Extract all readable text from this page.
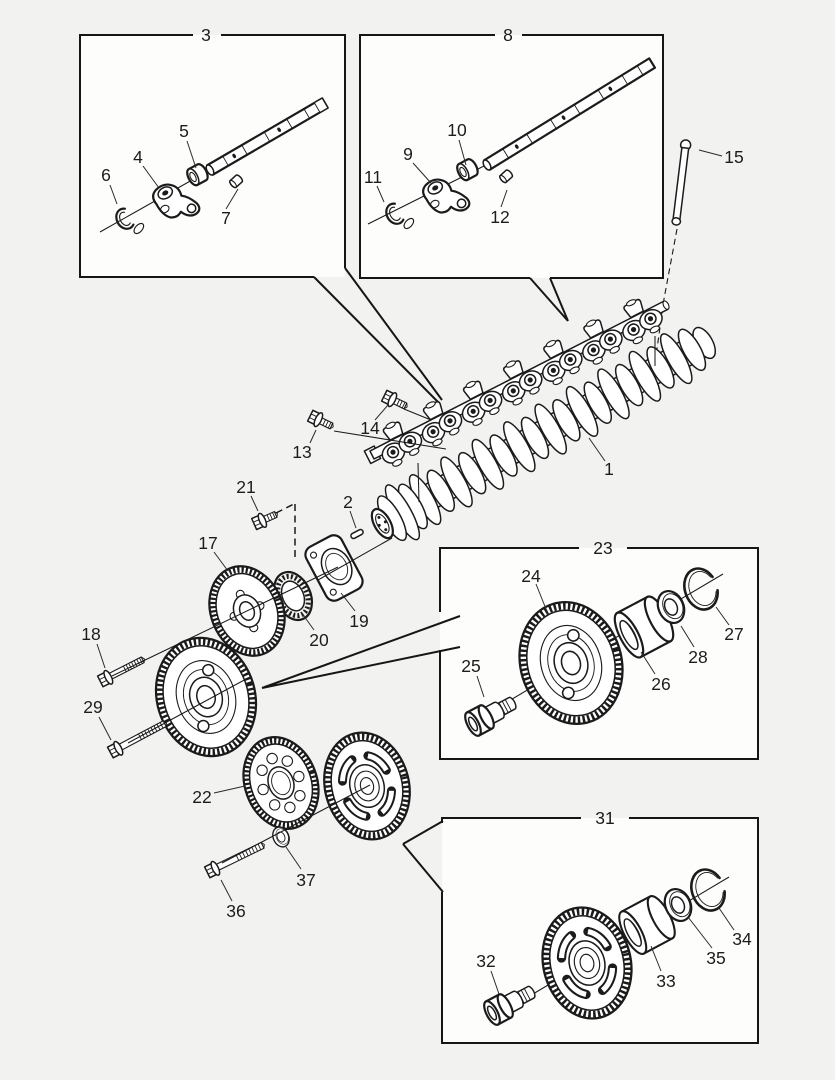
1
2
3
4
5
6
7
8
9
10
11
12
13
14
15
17
18
19
20
21
22
23
24
25
26
27
28
29
31
32
33
34
35
36
37
